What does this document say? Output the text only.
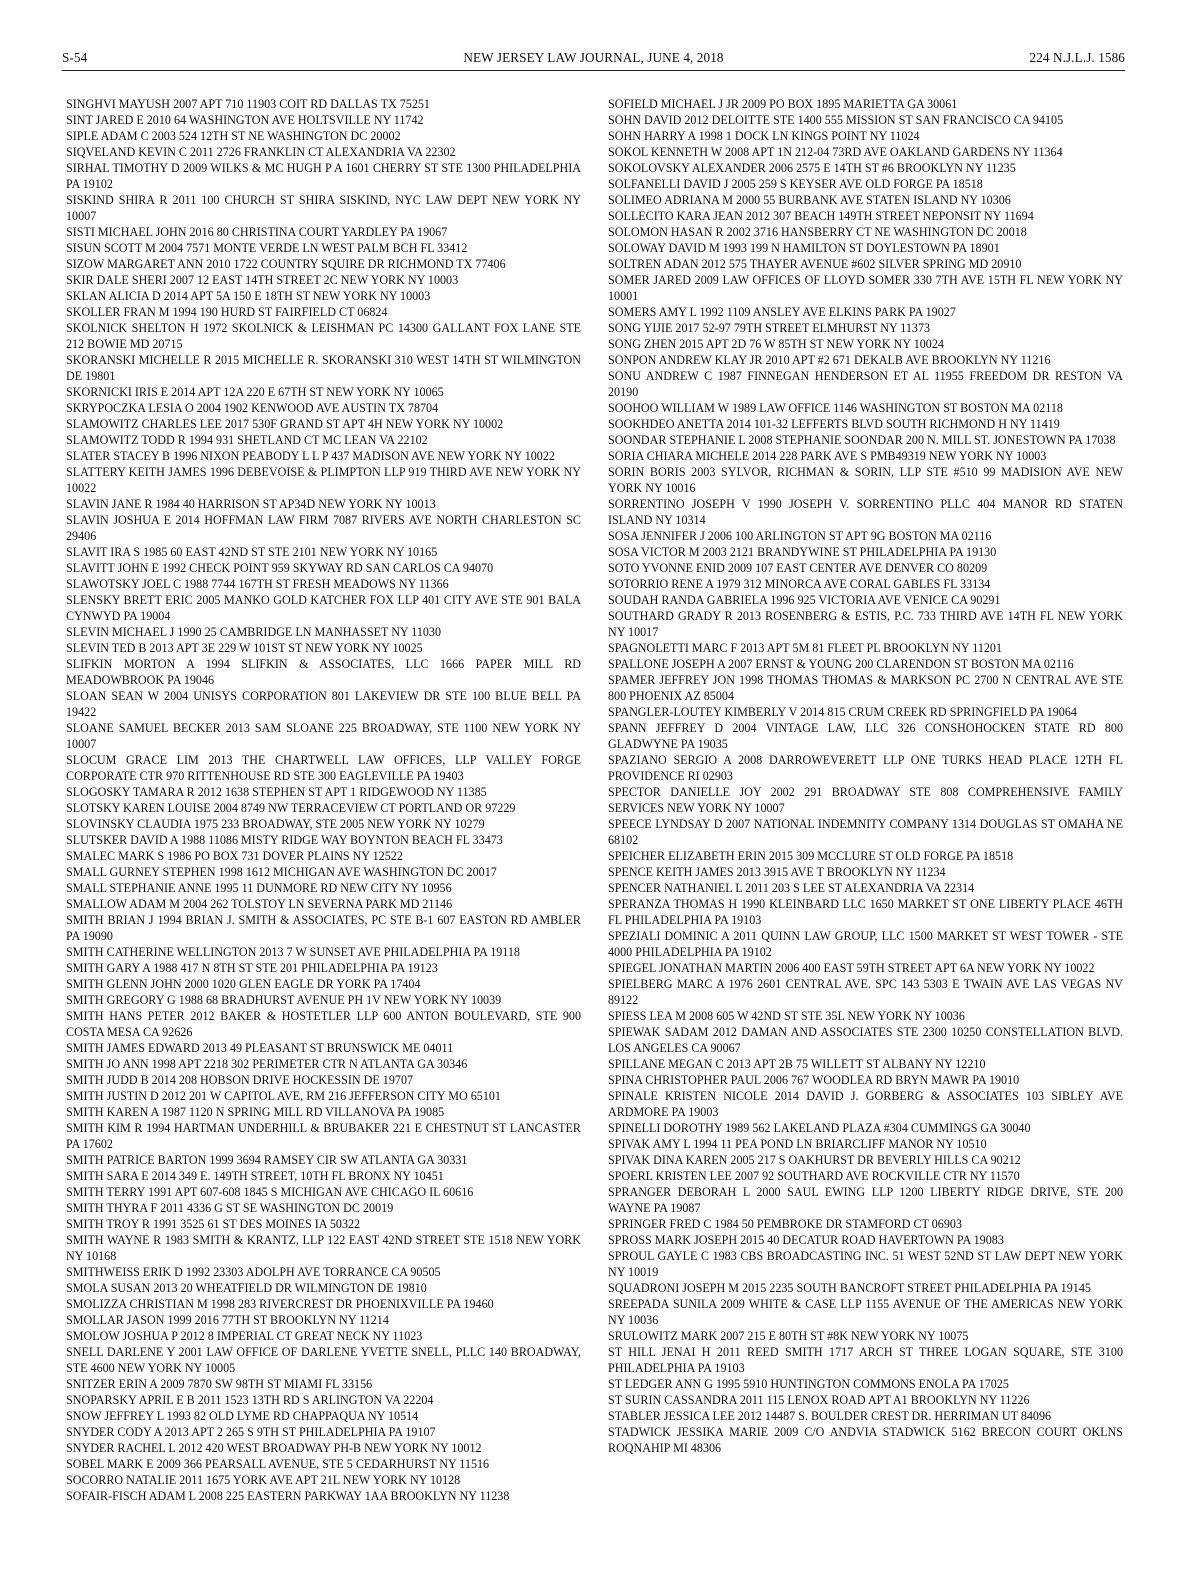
S-54	NEW JERSEY LAW JOURNAL, JUNE 4, 2018	224 N.J.L.J. 1586
SINGHVI MAYUSH 2007 APT 710 11903 COIT RD DALLAS TX 75251
SINT JARED E 2010 64 WASHINGTON AVE HOLTSVILLE NY 11742
SIPLE ADAM C 2003 524 12TH ST NE WASHINGTON DC 20002
SIQVELAND KEVIN C 2011 2726 FRANKLIN CT ALEXANDRIA VA 22302
SIRHAL TIMOTHY D 2009 WILKS & MC HUGH P A 1601 CHERRY ST STE 1300 PHILADELPHIA PA 19102
SISKIND SHIRA R 2011 100 CHURCH ST SHIRA SISKIND, NYC LAW DEPT NEW YORK NY 10007
SISTI MICHAEL JOHN 2016 80 CHRISTINA COURT YARDLEY PA 19067
SISUN SCOTT M 2004 7571 MONTE VERDE LN WEST PALM BCH FL 33412
SIZOW MARGARET ANN 2010 1722 COUNTRY SQUIRE DR RICHMOND TX 77406
SKIR DALE SHERI 2007 12 EAST 14TH STREET 2C NEW YORK NY 10003
SKLAN ALICIA D 2014 APT 5A 150 E 18TH ST NEW YORK NY 10003
SKOLLER FRAN M 1994 190 HURD ST FAIRFIELD CT 06824
SKOLNICK SHELTON H 1972 SKOLNICK & LEISHMAN PC 14300 GALLANT FOX LANE STE 212 BOWIE MD 20715
SKORANSKI MICHELLE R 2015 MICHELLE R. SKORANSKI 310 WEST 14TH ST WILMINGTON DE 19801
SKORNICKI IRIS E 2014 APT 12A 220 E 67TH ST NEW YORK NY 10065
SKRYPOCZKA LESIA O 2004 1902 KENWOOD AVE AUSTIN TX 78704
SLAMOWITZ CHARLES LEE 2017 530F GRAND ST APT 4H NEW YORK NY 10002
SLAMOWITZ TODD R 1994 931 SHETLAND CT MC LEAN VA 22102
SLATER STACEY B 1996 NIXON PEABODY L L P 437 MADISON AVE NEW YORK NY 10022
SLATTERY KEITH JAMES 1996 DEBEVOISE & PLIMPTON LLP 919 THIRD AVE NEW YORK NY 10022
SLAVIN JANE R 1984 40 HARRISON ST AP34D NEW YORK NY 10013
SLAVIN JOSHUA E 2014 HOFFMAN LAW FIRM 7087 RIVERS AVE NORTH CHARLESTON SC 29406
SLAVIT IRA S 1985 60 EAST 42ND ST STE 2101 NEW YORK NY 10165
SLAVITT JOHN E 1992 CHECK POINT 959 SKYWAY RD SAN CARLOS CA 94070
SLAWOTSKY JOEL C 1988 7744 167TH ST FRESH MEADOWS NY 11366
SLENSKY BRETT ERIC 2005 MANKO GOLD KATCHER FOX LLP 401 CITY AVE STE 901 BALA CYNWYD PA 19004
SLEVIN MICHAEL J 1990 25 CAMBRIDGE LN MANHASSET NY 11030
SLEVIN TED B 2013 APT 3E 229 W 101ST ST NEW YORK NY 10025
SLIFKIN MORTON A 1994 SLIFKIN & ASSOCIATES, LLC 1666 PAPER MILL RD MEADOWBROOK PA 19046
SLOAN SEAN W 2004 UNISYS CORPORATION 801 LAKEVIEW DR STE 100 BLUE BELL PA 19422
SLOANE SAMUEL BECKER 2013 SAM SLOANE 225 BROADWAY, STE 1100 NEW YORK NY 10007
SLOCUM GRACE LIM 2013 THE CHARTWELL LAW OFFICES, LLP VALLEY FORGE CORPORATE CTR 970 RITTENHOUSE RD STE 300 EAGLEVILLE PA 19403
SLOGOSKY TAMARA R 2012 1638 STEPHEN ST APT 1 RIDGEWOOD NY 11385
SLOTSKY KAREN LOUISE 2004 8749 NW TERRACEVIEW CT PORTLAND OR 97229
SLOVINSKY CLAUDIA 1975 233 BROADWAY, STE 2005 NEW YORK NY 10279
SLUTSKER DAVID A 1988 11086 MISTY RIDGE WAY BOYNTON BEACH FL 33473
SMALEC MARK S 1986 PO BOX 731 DOVER PLAINS NY 12522
SMALL GURNEY STEPHEN 1998 1612 MICHIGAN AVE WASHINGTON DC 20017
SMALL STEPHANIE ANNE 1995 11 DUNMORE RD NEW CITY NY 10956
SMALLOW ADAM M 2004 262 TOLSTOY LN SEVERNA PARK MD 21146
SMITH BRIAN J 1994 BRIAN J. SMITH & ASSOCIATES, PC STE B-1 607 EASTON RD AMBLER PA 19090
SMITH CATHERINE WELLINGTON 2013 7 W SUNSET AVE PHILADELPHIA PA 19118
SMITH GARY A 1988 417 N 8TH ST STE 201 PHILADELPHIA PA 19123
SMITH GLENN JOHN 2000 1020 GLEN EAGLE DR YORK PA 17404
SMITH GREGORY G 1988 68 BRADHURST AVENUE PH 1V NEW YORK NY 10039
SMITH HANS PETER 2012 BAKER & HOSTETLER LLP 600 ANTON BOULEVARD, STE 900 COSTA MESA CA 92626
SMITH JAMES EDWARD 2013 49 PLEASANT ST BRUNSWICK ME 04011
SMITH JO ANN 1998 APT 2218 302 PERIMETER CTR N ATLANTA GA 30346
SMITH JUDD B 2014 208 HOBSON DRIVE HOCKESSIN DE 19707
SMITH JUSTIN D 2012 201 W CAPITOL AVE, RM 216 JEFFERSON CITY MO 65101
SMITH KAREN A 1987 1120 N SPRING MILL RD VILLANOVA PA 19085
SMITH KIM R 1994 HARTMAN UNDERHILL & BRUBAKER 221 E CHESTNUT ST LANCASTER PA 17602
SMITH PATRICE BARTON 1999 3694 RAMSEY CIR SW ATLANTA GA 30331
SMITH SARA E 2014 349 E. 149TH STREET, 10TH FL BRONX NY 10451
SMITH TERRY 1991 APT 607-608 1845 S MICHIGAN AVE CHICAGO IL 60616
SMITH THYRA F 2011 4336 G ST SE WASHINGTON DC 20019
SMITH TROY R 1991 3525 61 ST DES MOINES IA 50322
SMITH WAYNE R 1983 SMITH & KRANTZ, LLP 122 EAST 42ND STREET STE 1518 NEW YORK NY 10168
SMITHWEISS ERIK D 1992 23303 ADOLPH AVE TORRANCE CA 90505
SMOLA SUSAN 2013 20 WHEATFIELD DR WILMINGTON DE 19810
SMOLIZZA CHRISTIAN M 1998 283 RIVERCREST DR PHOENIXVILLE PA 19460
SMOLLAR JASON 1999 2016 77TH ST BROOKLYN NY 11214
SMOLOW JOSHUA P 2012 8 IMPERIAL CT GREAT NECK NY 11023
SNELL DARLENE Y 2001 LAW OFFICE OF DARLENE YVETTE SNELL, PLLC 140 BROADWAY, STE 4600 NEW YORK NY 10005
SNITZER ERIN A 2009 7870 SW 98TH ST MIAMI FL 33156
SNOPARSKY APRIL E B 2011 1523 13TH RD S ARLINGTON VA 22204
SNOW JEFFREY L 1993 82 OLD LYME RD CHAPPAQUA NY 10514
SNYDER CODY A 2013 APT 2 265 S 9TH ST PHILADELPHIA PA 19107
SNYDER RACHEL L 2012 420 WEST BROADWAY PH-B NEW YORK NY 10012
SOBEL MARK E 2009 366 PEARSALL AVENUE, STE 5 CEDARHURST NY 11516
SOCORRO NATALIE 2011 1675 YORK AVE APT 21L NEW YORK NY 10128
SOFAIR-FISCH ADAM L 2008 225 EASTERN PARKWAY 1AA BROOKLYN NY 11238
SOFIELD MICHAEL J JR 2009 PO BOX 1895 MARIETTA GA 30061
SOHN DAVID 2012 DELOITTE STE 1400 555 MISSION ST SAN FRANCISCO CA 94105
SOHN HARRY A 1998 1 DOCK LN KINGS POINT NY 11024
SOKOL KENNETH W 2008 APT 1N 212-04 73RD AVE OAKLAND GARDENS NY 11364
SOKOLOVSKY ALEXANDER 2006 2575 E 14TH ST #6 BROOKLYN NY 11235
SOLFANELLI DAVID J 2005 259 S KEYSER AVE OLD FORGE PA 18518
SOLIMEO ADRIANA M 2000 55 BURBANK AVE STATEN ISLAND NY 10306
SOLLECITO KARA JEAN 2012 307 BEACH 149TH STREET NEPONSIT NY 11694
SOLOMON HASAN R 2002 3716 HANSBERRY CT NE WASHINGTON DC 20018
SOLOWAY DAVID M 1993 199 N HAMILTON ST DOYLESTOWN PA 18901
SOLTREN ADAN 2012 575 THAYER AVENUE #602 SILVER SPRING MD 20910
SOMER JARED 2009 LAW OFFICES OF LLOYD SOMER 330 7TH AVE 15TH FL NEW YORK NY 10001
SOMERS AMY L 1992 1109 ANSLEY AVE ELKINS PARK PA 19027
SONG YIJIE 2017 52-97 79TH STREET ELMHURST NY 11373
SONG ZHEN 2015 APT 2D 76 W 85TH ST NEW YORK NY 10024
SONPON ANDREW KLAY JR 2010 APT #2 671 DEKALB AVE BROOKLYN NY 11216
SONU ANDREW C 1987 FINNEGAN HENDERSON ET AL 11955 FREEDOM DR RESTON VA 20190
SOOHOO WILLIAM W 1989 LAW OFFICE 1146 WASHINGTON ST BOSTON MA 02118
SOOKHDEO ANETTA 2014 101-32 LEFFERTS BLVD SOUTH RICHMOND H NY 11419
SOONDAR STEPHANIE L 2008 STEPHANIE SOONDAR 200 N. MILL ST. JONESTOWN PA 17038
SORIA CHIARA MICHELE 2014 228 PARK AVE S PMB49319 NEW YORK NY 10003
SORIN BORIS 2003 SYLVOR, RICHMAN & SORIN, LLP STE #510 99 MADISION AVE NEW YORK NY 10016
SORRENTINO JOSEPH V 1990 JOSEPH V. SORRENTINO PLLC 404 MANOR RD STATEN ISLAND NY 10314
SOSA JENNIFER J 2006 100 ARLINGTON ST APT 9G BOSTON MA 02116
SOSA VICTOR M 2003 2121 BRANDYWINE ST PHILADELPHIA PA 19130
SOTO YVONNE ENID 2009 107 EAST CENTER AVE DENVER CO 80209
SOTORRIO RENE A 1979 312 MINORCA AVE CORAL GABLES FL 33134
SOUDAH RANDA GABRIELA 1996 925 VICTORIA AVE VENICE CA 90291
SOUTHARD GRADY R 2013 ROSENBERG & ESTIS, P.C. 733 THIRD AVE 14TH FL NEW YORK NY 10017
SPAGNOLETTI MARC F 2013 APT 5M 81 FLEET PL BROOKLYN NY 11201
SPALLONE JOSEPH A 2007 ERNST & YOUNG 200 CLARENDON ST BOSTON MA 02116
SPAMER JEFFREY JON 1998 THOMAS THOMAS & MARKSON PC 2700 N CENTRAL AVE STE 800 PHOENIX AZ 85004
SPANGLER-LOUTEY KIMBERLY V 2014 815 CRUM CREEK RD SPRINGFIELD PA 19064
SPANN JEFFREY D 2004 VINTAGE LAW, LLC 326 CONSHOHOCKEN STATE RD 800 GLADWYNE PA 19035
SPAZIANO SERGIO A 2008 DARROWEVERETT LLP ONE TURKS HEAD PLACE 12TH FL PROVIDENCE RI 02903
SPECTOR DANIELLE JOY 2002 291 BROADWAY STE 808 COMPREHENSIVE FAMILY SERVICES NEW YORK NY 10007
SPEECE LYNDSAY D 2007 NATIONAL INDEMNITY COMPANY 1314 DOUGLAS ST OMAHA NE 68102
SPEICHER ELIZABETH ERIN 2015 309 MCCLURE ST OLD FORGE PA 18518
SPENCE KEITH JAMES 2013 3915 AVE T BROOKLYN NY 11234
SPENCER NATHANIEL L 2011 203 S LEE ST ALEXANDRIA VA 22314
SPERANZA THOMAS H 1990 KLEINBARD LLC 1650 MARKET ST ONE LIBERTY PLACE 46TH FL PHILADELPHIA PA 19103
SPEZIALI DOMINIC A 2011 QUINN LAW GROUP, LLC 1500 MARKET ST WEST TOWER - STE 4000 PHILADELPHIA PA 19102
SPIEGEL JONATHAN MARTIN 2006 400 EAST 59TH STREET APT 6A NEW YORK NY 10022
SPIELBERG MARC A 1976 2601 CENTRAL AVE. SPC 143 5303 E TWAIN AVE LAS VEGAS NV 89122
SPIESS LEA M 2008 605 W 42ND ST STE 35L NEW YORK NY 10036
SPIEWAK SADAM 2012 DAMAN AND ASSOCIATES STE 2300 10250 CONSTELLATION BLVD. LOS ANGELES CA 90067
SPILLANE MEGAN C 2013 APT 2B 75 WILLETT ST ALBANY NY 12210
SPINA CHRISTOPHER PAUL 2006 767 WOODLEA RD BRYN MAWR PA 19010
SPINALE KRISTEN NICOLE 2014 DAVID J. GORBERG & ASSOCIATES 103 SIBLEY AVE ARDMORE PA 19003
SPINELLI DOROTHY 1989 562 LAKELAND PLAZA #304 CUMMINGS GA 30040
SPIVAK AMY L 1994 11 PEA POND LN BRIARCLIFF MANOR NY 10510
SPIVAK DINA KAREN 2005 217 S OAKHURST DR BEVERLY HILLS CA 90212
SPOERL KRISTEN LEE 2007 92 SOUTHARD AVE ROCKVILLE CTR NY 11570
SPRANGER DEBORAH L 2000 SAUL EWING LLP 1200 LIBERTY RIDGE DRIVE, STE 200 WAYNE PA 19087
SPRINGER FRED C 1984 50 PEMBROKE DR STAMFORD CT 06903
SPROSS MARK JOSEPH 2015 40 DECATUR ROAD HAVERTOWN PA 19083
SPROUL GAYLE C 1983 CBS BROADCASTING INC. 51 WEST 52ND ST LAW DEPT NEW YORK NY 10019
SQUADRONI JOSEPH M 2015 2235 SOUTH BANCROFT STREET PHILADELPHIA PA 19145
SREEPADA SUNILA 2009 WHITE & CASE LLP 1155 AVENUE OF THE AMERICAS NEW YORK NY 10036
SRULOWITZ MARK 2007 215 E 80TH ST #8K NEW YORK NY 10075
ST HILL JENAI H 2011 REED SMITH 1717 ARCH ST THREE LOGAN SQUARE, STE 3100 PHILADELPHIA PA 19103
ST LEDGER ANN G 1995 5910 HUNTINGTON COMMONS ENOLA PA 17025
ST SURIN CASSANDRA 2011 115 LENOX ROAD APT A1 BROOKLYN NY 11226
STABLER JESSICA LEE 2012 14487 S. BOULDER CREST DR. HERRIMAN UT 84096
STADWICK JESSIKA MARIE 2009 C/O ANDVIA STADWICK 5162 BRECON COURT OKLNS ROQNAHIP MI 48306
